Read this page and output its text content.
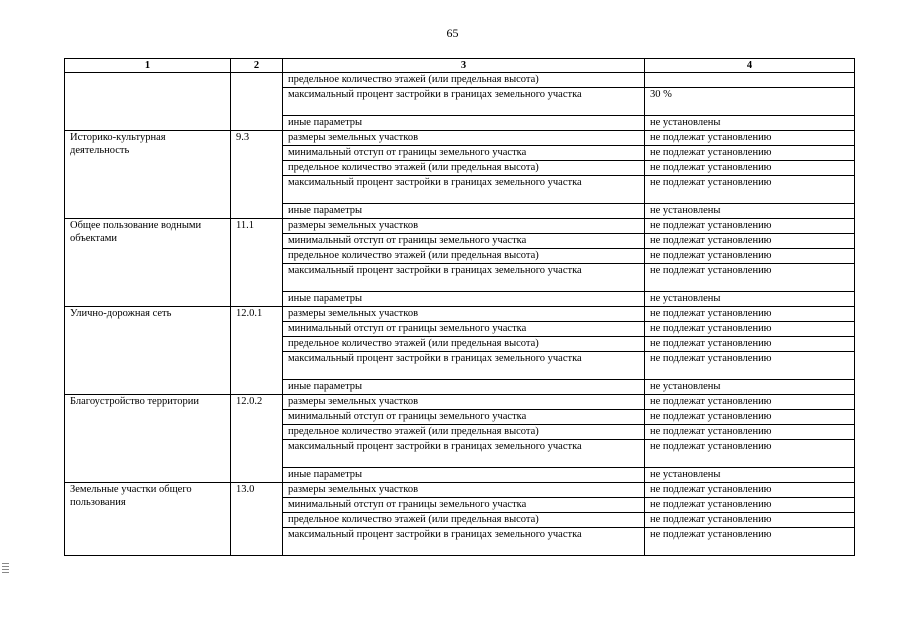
65
1	2	3	4
		предельное количество этажей (или предельная высота)	
		максимальный процент застройки в границах земельного участка	30 %
		иные параметры	не установлены
Историко-культурная деятельность	9.3	размеры земельных участков	не подлежат установлению
		минимальный отступ от границы земельного участка	не подлежат установлению
		предельное количество этажей (или предельная высота)	не подлежат установлению
		максимальный процент застройки в границах земельного участка	не подлежат установлению
		иные параметры	не установлены
Общее пользование водными объектами	11.1	размеры земельных участков	не подлежат установлению
		минимальный отступ от границы земельного участка	не подлежат установлению
		предельное количество этажей (или предельная высота)	не подлежат установлению
		максимальный процент застройки в границах земельного участка	не подлежат установлению
		иные параметры	не установлены
Улично-дорожная сеть	12.0.1	размеры земельных участков	не подлежат установлению
		минимальный отступ от границы земельного участка	не подлежат установлению
		предельное количество этажей (или предельная высота)	не подлежат установлению
		максимальный процент застройки в границах земельного участка	не подлежат установлению
		иные параметры	не установлены
Благоустройство территории	12.0.2	размеры земельных участков	не подлежат установлению
		минимальный отступ от границы земельного участка	не подлежат установлению
		предельное количество этажей (или предельная высота)	не подлежат установлению
		максимальный процент застройки в границах земельного участка	не подлежат установлению
		иные параметры	не установлены
Земельные участки общего пользования	13.0	размеры земельных участков	не подлежат установлению
		минимальный отступ от границы земельного участка	не подлежат установлению
		предельное количество этажей (или предельная высота)	не подлежат установлению
		максимальный процент застройки в границах земельного участка	не подлежат установлению
